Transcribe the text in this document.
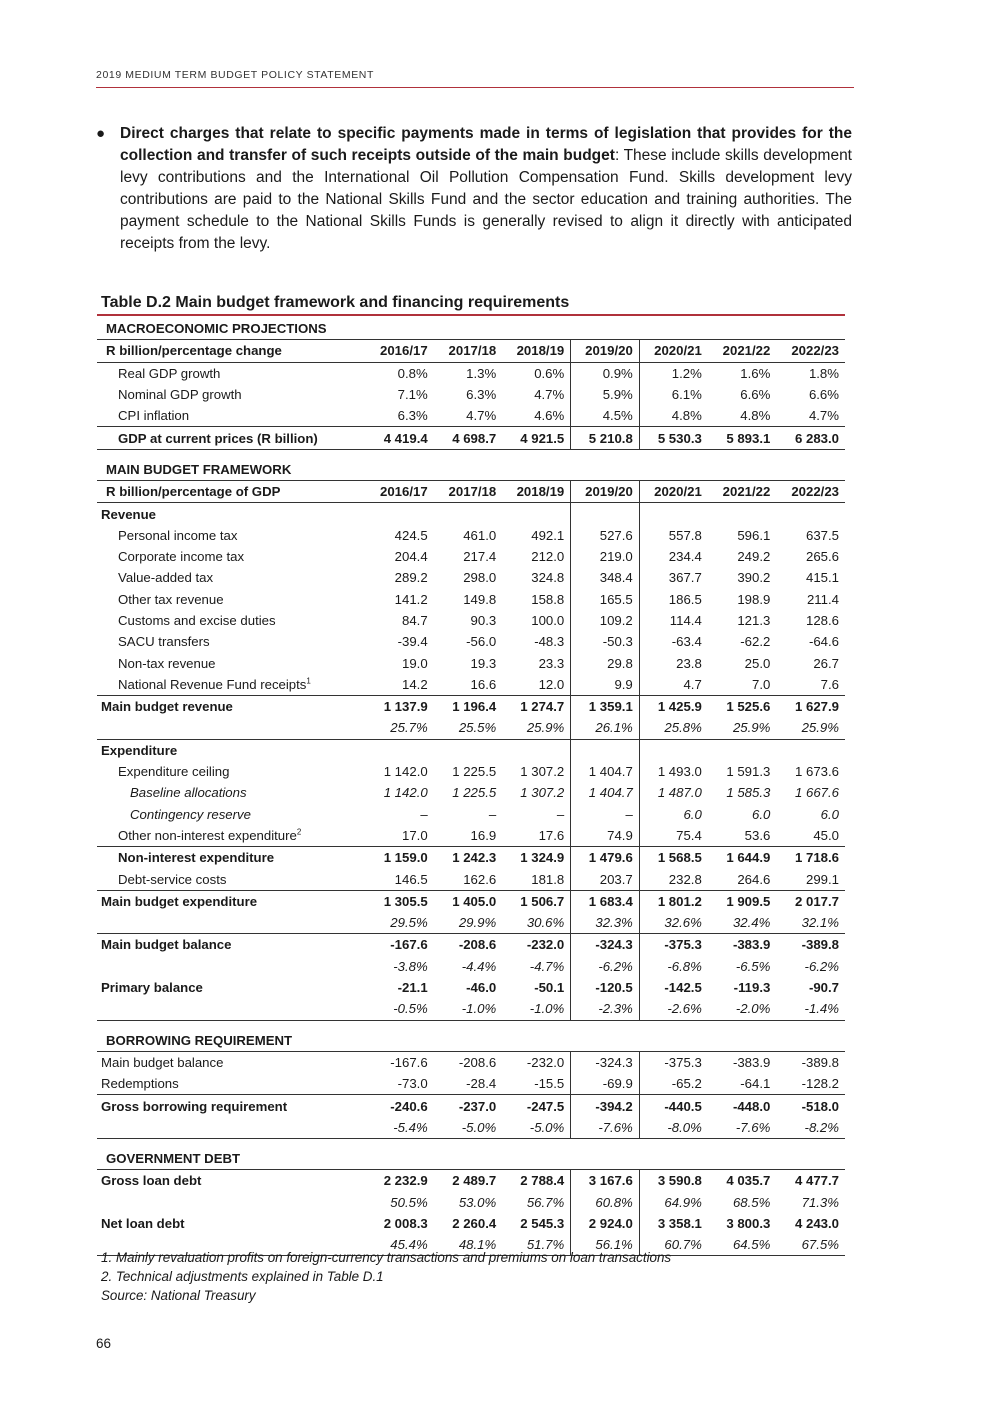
2019 MEDIUM TERM BUDGET POLICY STATEMENT
● Direct charges that relate to specific payments made in terms of legislation that provides for the collection and transfer of such receipts outside of the main budget: These include skills development levy contributions and the International Oil Pollution Compensation Fund. Skills development levy contributions are paid to the National Skills Fund and the sector education and training authorities. The payment schedule to the National Skills Funds is generally revised to align it directly with anticipated receipts from the levy.
Table D.2 Main budget framework and financing requirements
MACROECONOMIC PROJECTIONS							
R billion/percentage change	2016/17	2017/18	2018/19	2019/20	2020/21	2021/22	2022/23
Real GDP growth	0.8%	1.3%	0.6%	0.9%	1.2%	1.6%	1.8%
Nominal GDP growth	7.1%	6.3%	4.7%	5.9%	6.1%	6.6%	6.6%
CPI inflation	6.3%	4.7%	4.6%	4.5%	4.8%	4.8%	4.7%
GDP at current prices (R billion)	4 419.4	4 698.7	4 921.5	5 210.8	5 530.3	5 893.1	6 283.0

MAIN BUDGET FRAMEWORK							
R billion/percentage of GDP	2016/17	2017/18	2018/19	2019/20	2020/21	2021/22	2022/23
Revenue							
Personal income tax	424.5	461.0	492.1	527.6	557.8	596.1	637.5
Corporate income tax	204.4	217.4	212.0	219.0	234.4	249.2	265.6
Value-added tax	289.2	298.0	324.8	348.4	367.7	390.2	415.1
Other tax revenue	141.2	149.8	158.8	165.5	186.5	198.9	211.4
Customs and excise duties	84.7	90.3	100.0	109.2	114.4	121.3	128.6
SACU transfers	-39.4	-56.0	-48.3	-50.3	-63.4	-62.2	-64.6
Non-tax revenue	19.0	19.3	23.3	29.8	23.8	25.0	26.7
National Revenue Fund receipts$^1$	14.2	16.6	12.0	9.9	4.7	7.0	7.6
Main budget revenue	1 137.9	1 196.4	1 274.7	1 359.1	1 425.9	1 525.6	1 627.9
	25.7%	25.5%	25.9%	26.1%	25.8%	25.9%	25.9%
Expenditure							
Expenditure ceiling	1 142.0	1 225.5	1 307.2	1 404.7	1 493.0	1 591.3	1 673.6
Baseline allocations	1 142.0	1 225.5	1 307.2	1 404.7	1 487.0	1 585.3	1 667.6
Contingency reserve	–	–	–	–	6.0	6.0	6.0
Other non-interest expenditure$^2$	17.0	16.9	17.6	74.9	75.4	53.6	45.0
Non-interest expenditure	1 159.0	1 242.3	1 324.9	1 479.6	1 568.5	1 644.9	1 718.6
Debt-service costs	146.5	162.6	181.8	203.7	232.8	264.6	299.1
Main budget expenditure	1 305.5	1 405.0	1 506.7	1 683.4	1 801.2	1 909.5	2 017.7
	29.5%	29.9%	30.6%	32.3%	32.6%	32.4%	32.1%
Main budget balance	-167.6	-208.6	-232.0	-324.3	-375.3	-383.9	-389.8
	-3.8%	-4.4%	-4.7%	-6.2%	-6.8%	-6.5%	-6.2%
Primary balance	-21.1	-46.0	-50.1	-120.5	-142.5	-119.3	-90.7
	-0.5%	-1.0%	-1.0%	-2.3%	-2.6%	-2.0%	-1.4%

BORROWING REQUIREMENT							
Main budget balance	-167.6	-208.6	-232.0	-324.3	-375.3	-383.9	-389.8
Redemptions	-73.0	-28.4	-15.5	-69.9	-65.2	-64.1	-128.2
Gross borrowing requirement	-240.6	-237.0	-247.5	-394.2	-440.5	-448.0	-518.0
	-5.4%	-5.0%	-5.0%	-7.6%	-8.0%	-7.6%	-8.2%

GOVERNMENT DEBT							
Gross loan debt	2 232.9	2 489.7	2 788.4	3 167.6	3 590.8	4 035.7	4 477.7
	50.5%	53.0%	56.7%	60.8%	64.9%	68.5%	71.3%
Net loan debt	2 008.3	2 260.4	2 545.3	2 924.0	3 358.1	3 800.3	4 243.0
	45.4%	48.1%	51.7%	56.1%	60.7%	64.5%	67.5%
1. Mainly revaluation profits on foreign-currency transactions and premiums on loan transactions
2. Technical adjustments explained in Table D.1
Source: National Treasury
66
